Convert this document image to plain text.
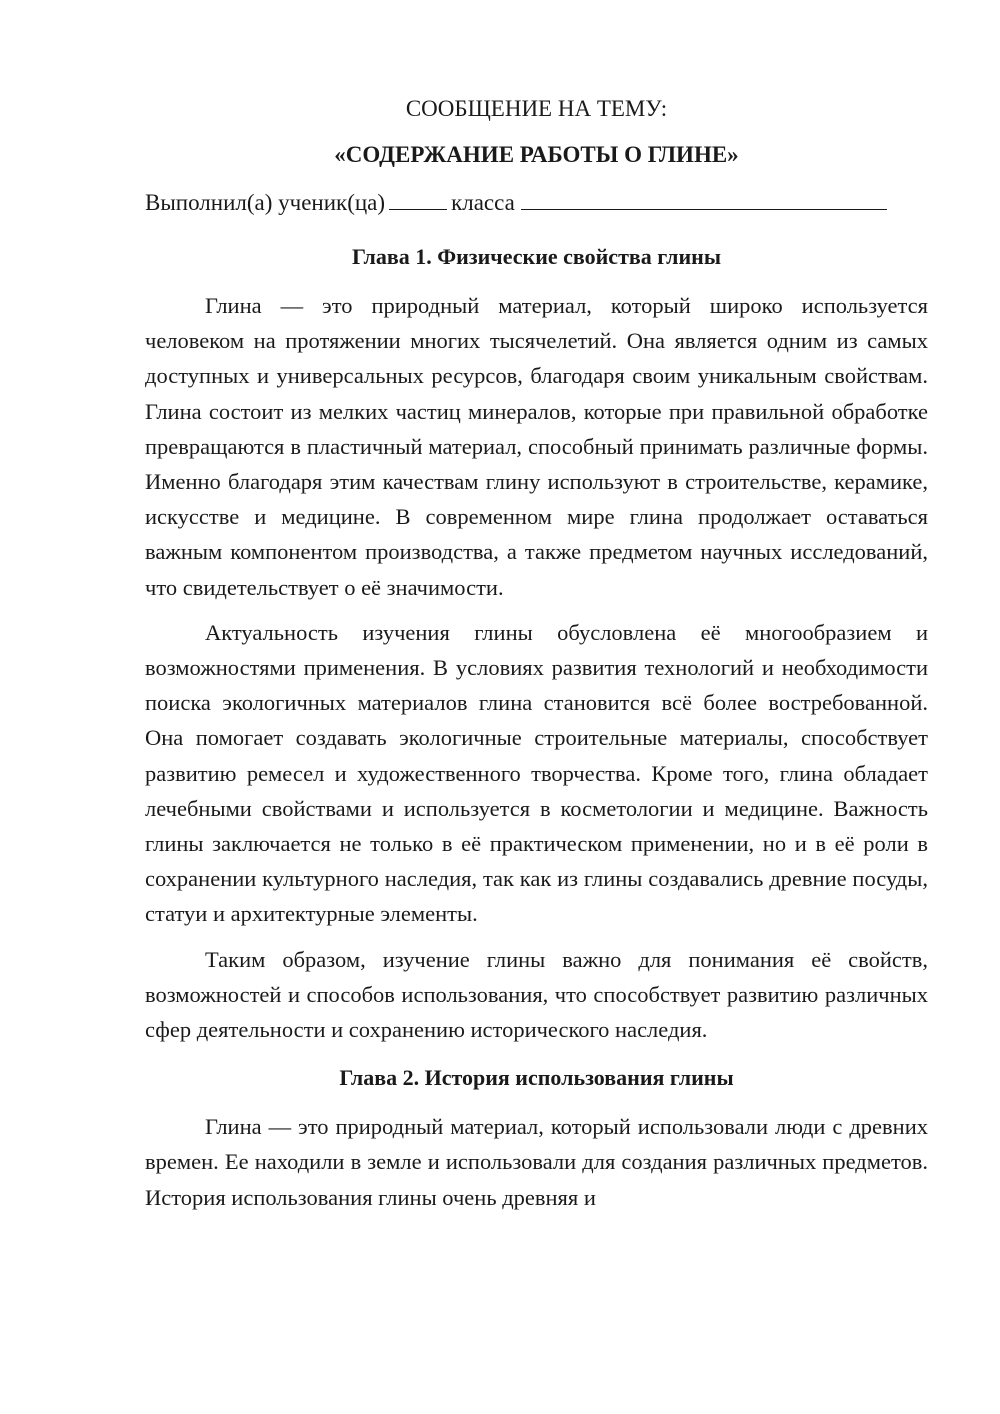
СООБЩЕНИЕ НА ТЕМУ:

«СОДЕРЖАНИЕ РАБОТЫ О ГЛИНЕ»

Выполнил(а) ученик(ца)	класса

Глава 1. Физические свойства глины

Глина — это природный материал, который широко используется человеком на протяжении многих тысячелетий. Она является одним из самых доступных и универсальных ресурсов, благодаря своим уникальным свойствам. Глина состоит из мелких частиц минералов, которые при правильной обработке превращаются в пластичный материал, способный принимать различные формы. Именно благодаря этим качествам глину используют в строительстве, керамике, искусстве и медицине. В современном мире глина продолжает оставаться важным компонентом производства, а также предметом научных исследований, что свидетельствует о её значимости.

Актуальность изучения глины обусловлена её многообразием и возможностями применения. В условиях развития технологий и необходимости поиска экологичных материалов глина становится всё более востребованной. Она помогает создавать экологичные строительные материалы, способствует развитию ремесел и художественного творчества. Кроме того, глина обладает лечебными свойствами и используется в косметологии и медицине. Важность глины заключается не только в её практическом применении, но и в её роли в сохранении культурного наследия, так как из глины создавались древние посуды, статуи и архитектурные элементы.

Таким образом, изучение глины важно для понимания её свойств, возможностей и способов использования, что способствует развитию различных сфер деятельности и сохранению исторического наследия.

Глава 2. История использования глины

Глина — это природный материал, который использовали люди с древних времен. Ее находили в земле и использовали для создания различных предметов. История использования глины очень древняя и
